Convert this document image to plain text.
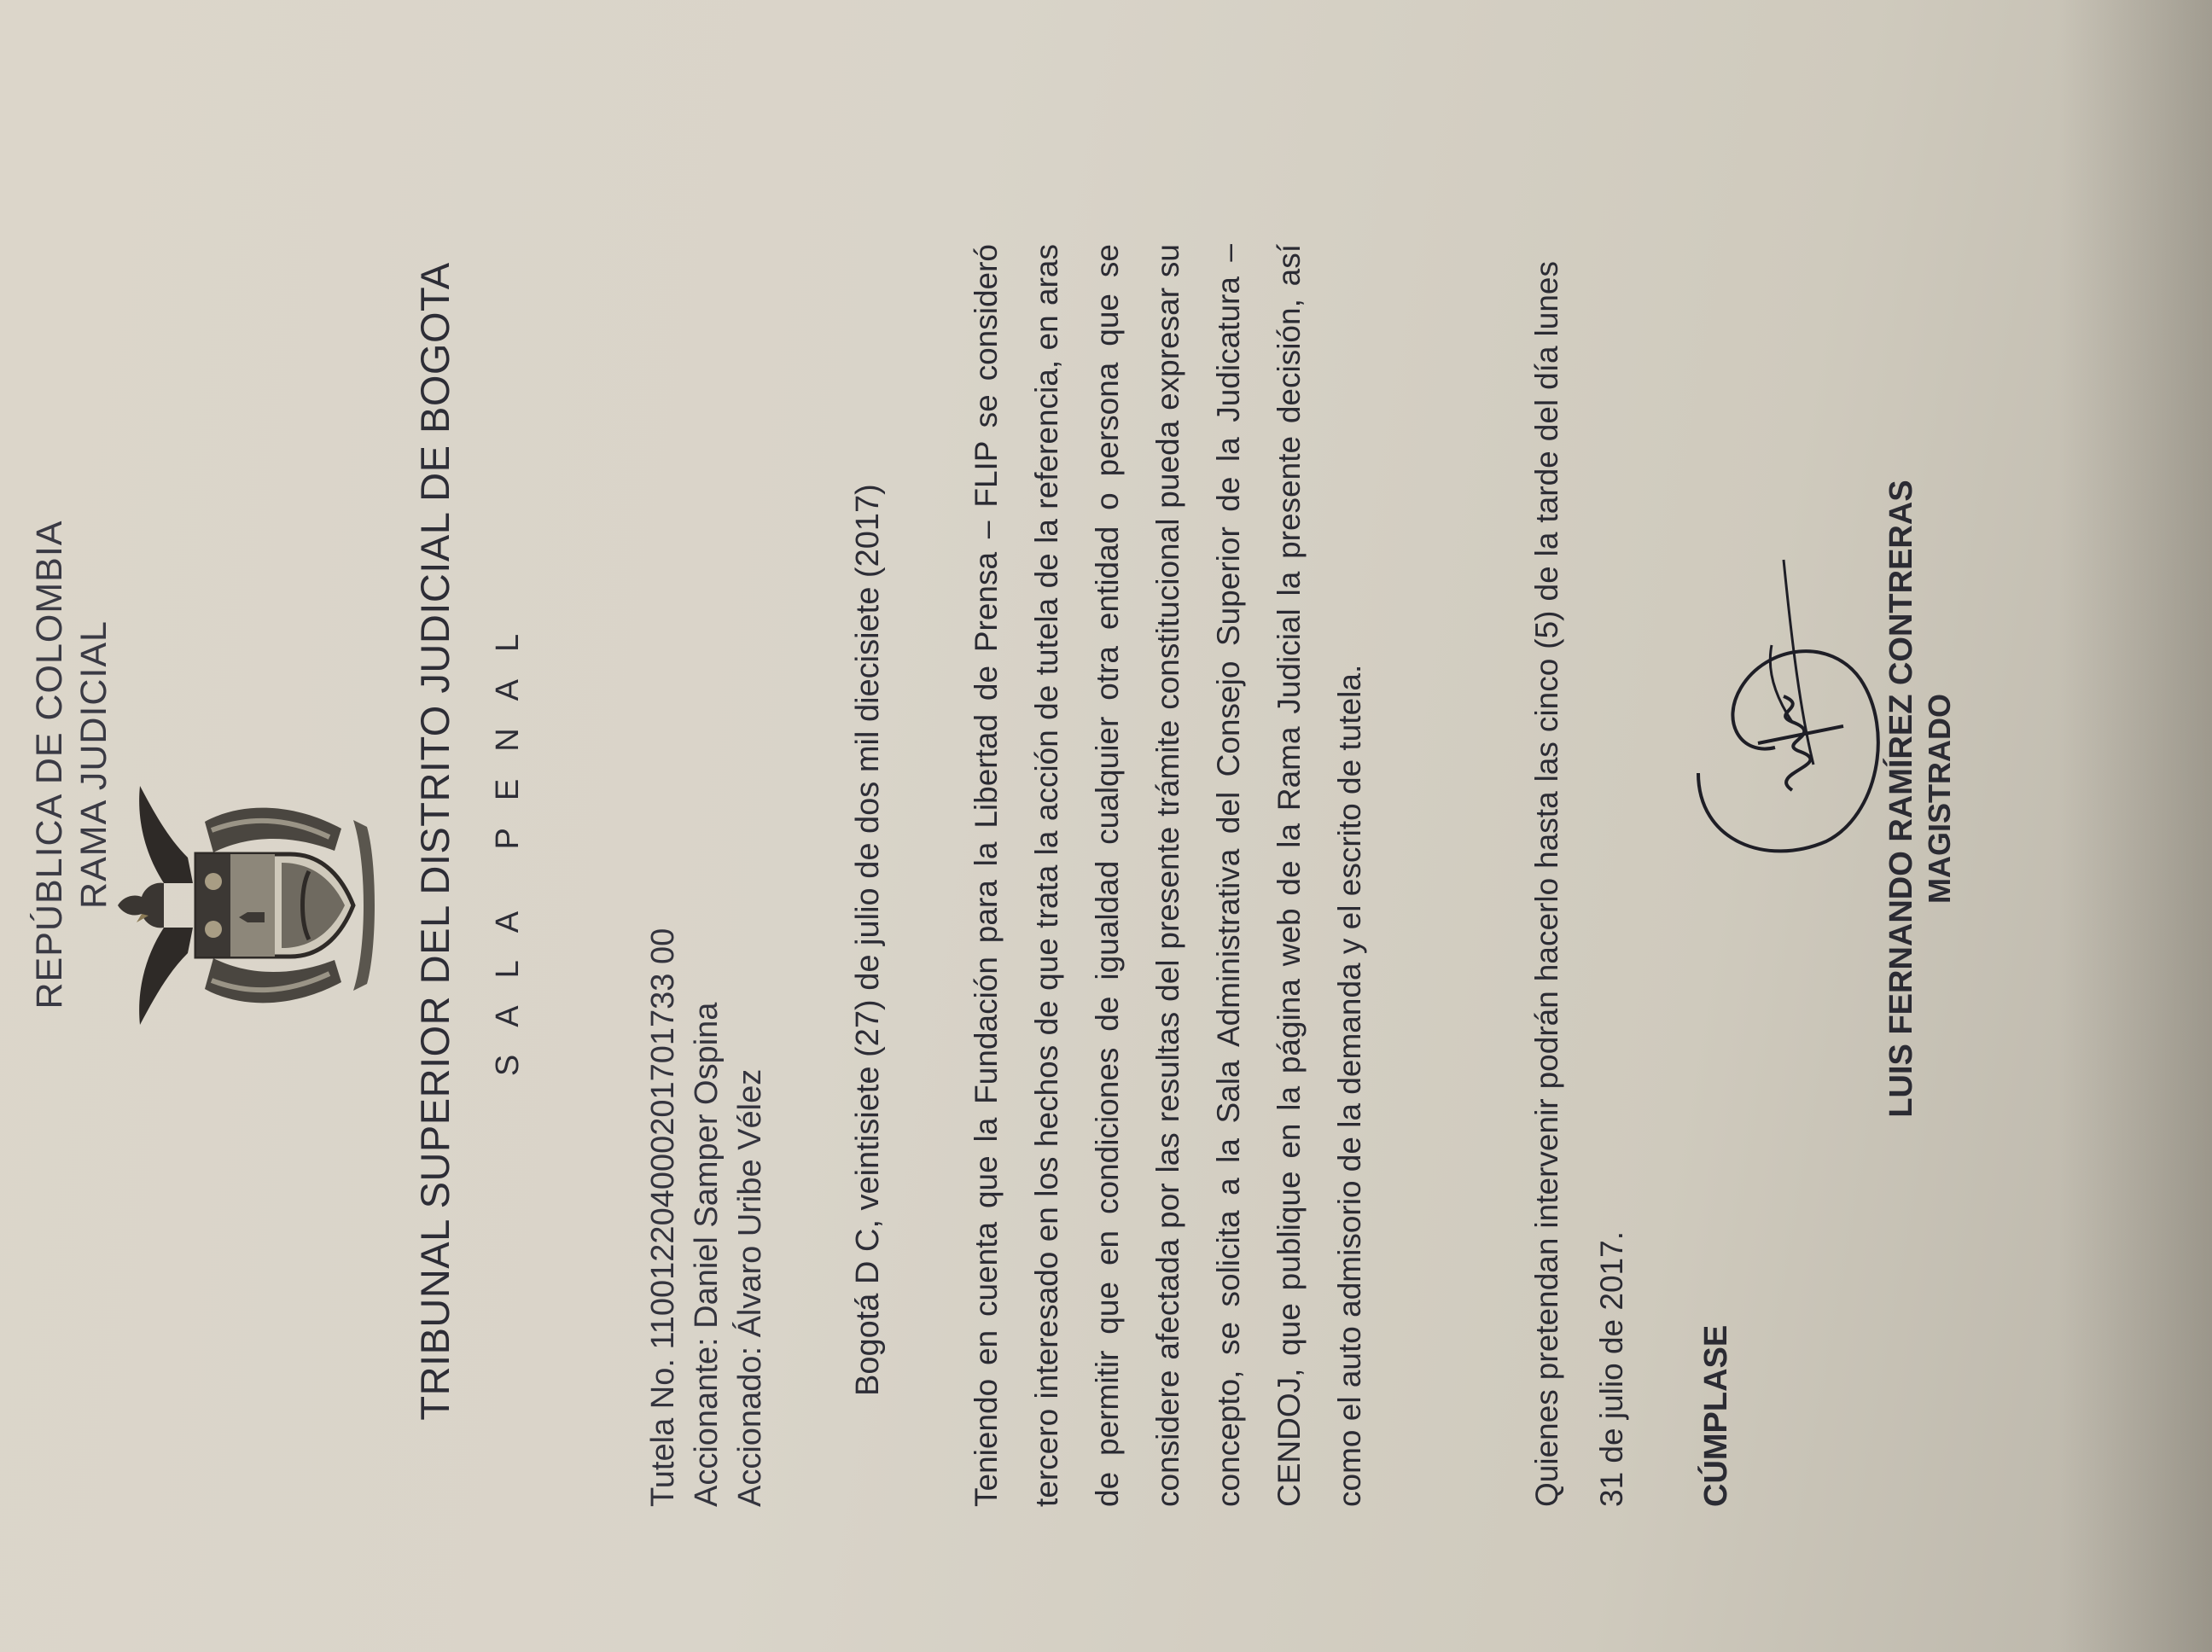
REPÚBLICA DE COLOMBIA RAMA JUDICIAL	TRIBUNAL SUPERIOR DEL DISTRITO JUDICIAL DE BOGOTA SALA PENAL
Tutela No. 110012204000201701733 00 Accionante: Daniel Samper Ospina Accionado: Álvaro Uribe Vélez	Bogotá D C, veintisiete (27) de julio de dos mil diecisiete (2017)	Teniendo en cuenta que la Fundación para la Libertad de Prensa – FLIP se consideró tercero interesado en los hechos de que trata la acción de tutela de la referencia, en aras de permitir que en condiciones de igualdad cualquier otra entidad o persona que se considere afectada por las resultas del presente trámite constitucional pueda expresar su concepto, se solicita a la Sala Administrativa del Consejo Superior de la Judicatura – CENDOJ, que publique en la página web de la Rama Judicial la presente decisión, así como el auto admisorio de la demanda y el escrito de tutela.	Quienes pretendan intervenir podrán hacerlo hasta las cinco (5) de la tarde del día lunes 31 de julio de 2017.	CÚMPLASE
LUIS FERNANDO RAMÍREZ CONTRERAS MAGISTRADO
